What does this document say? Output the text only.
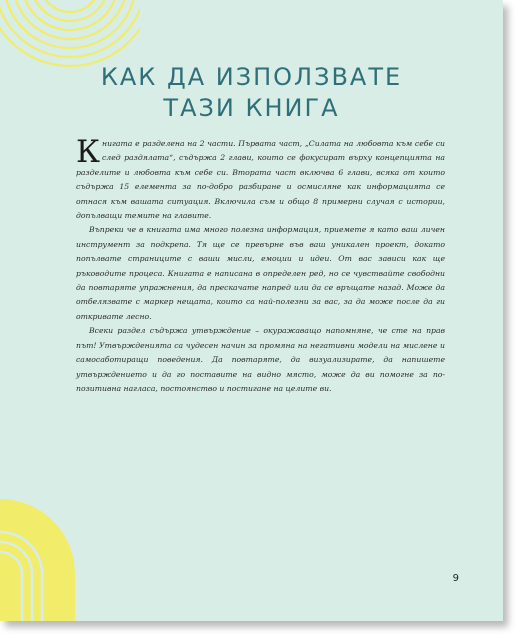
КАК ДА ИЗПОЛЗВАТЕ
ТАЗИ КНИГА

Книгата е разделена на 2 части. Първата част, „Силата на любовта към себе си след раздялата“, съдържа 2 глави, които се фокусират върху концепцията на разделите и любовта към себе си. Втората част включва 6 глави, всяка от които съдържа 15 елемента за по-добро разбиране и осмисляне как информацията се отнася към вашата ситуация. Включила съм и общо 8 примерни случая с истории, допълващи темите на главите.

Въпреки че в книгата има много полезна информация, приемете я като ваш личен инструмент за подкрепа. Тя ще се превърне във ваш уникален проект, докато попълвате страниците с ваши мисли, емоции и идеи. От вас зависи как ще ръководите процеса. Книгата е написана в определен ред, но се чувствайте свободни да повтаряте упражнения, да прескачате напред или да се връщате назад. Може да отбелязвате с маркер нещата, които са най-полезни за вас, за да може после да ги откривате лесно.

Всеки раздел съдържа утвърждение – окуражаващо напомняне, че сте на прав път! Утвържденията са чудесен начин за промяна на негативни модели на мислене и самосаботиращи поведения. Да повтаряте, да визуализирате, да напишете утвърждението и да го поставите на видно място, може да ви помогне за по-позитивна нагласа, постоянство и постигане на целите ви.

9
